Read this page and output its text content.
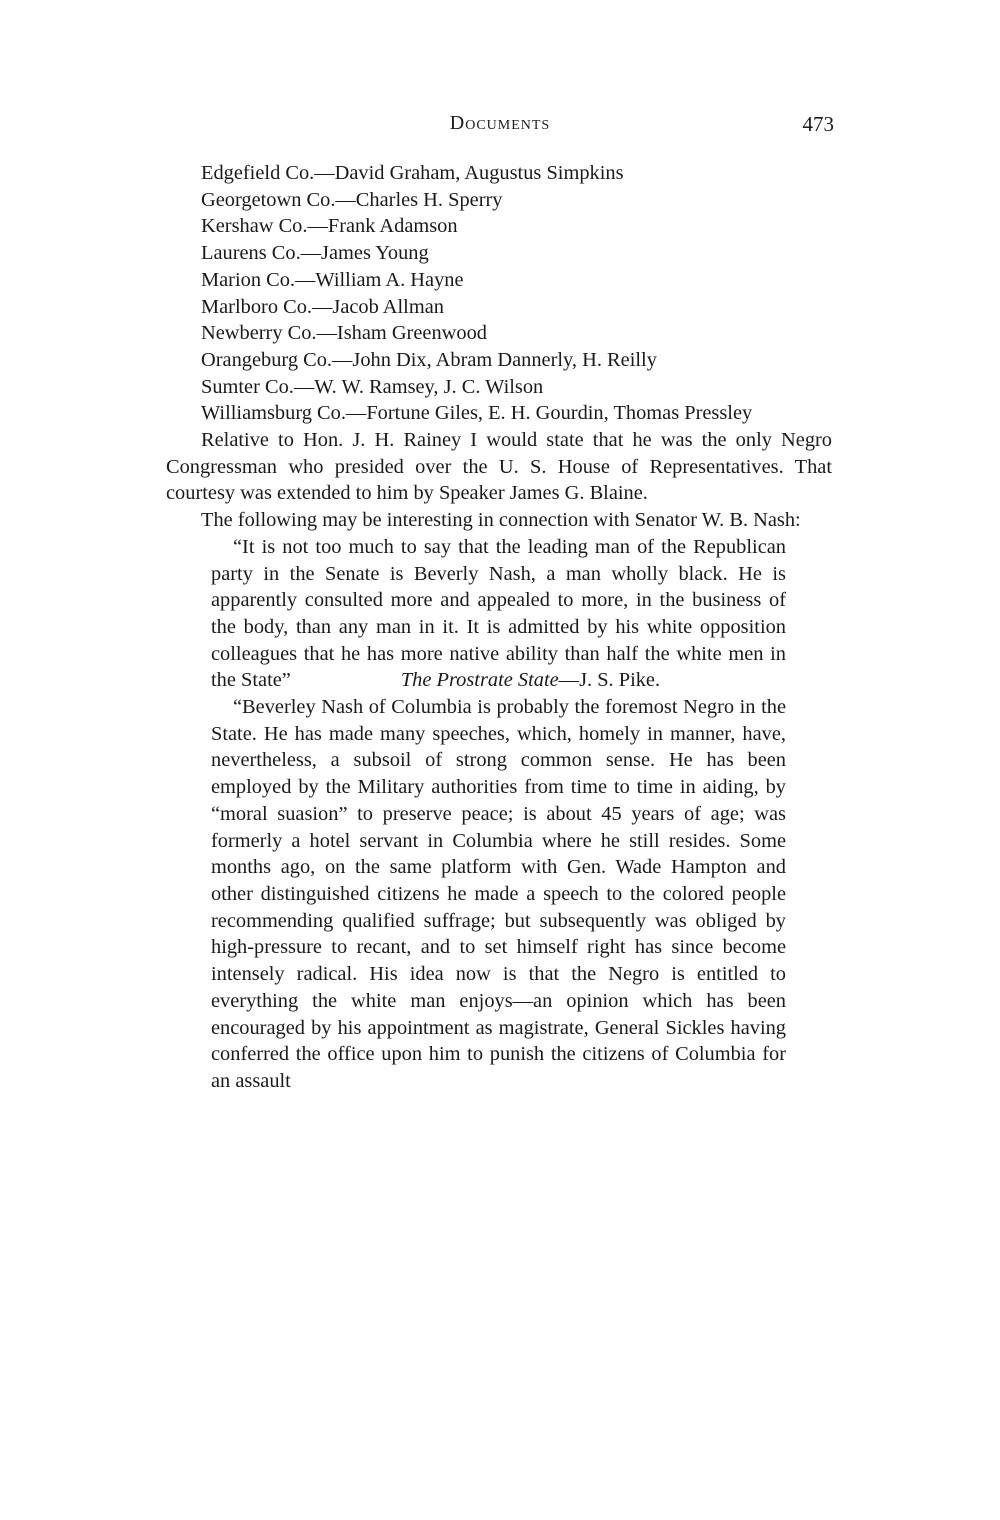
Documents	473
Edgefield Co.—David Graham, Augustus Simpkins
Georgetown Co.—Charles H. Sperry
Kershaw Co.—Frank Adamson
Laurens Co.—James Young
Marion Co.—William A. Hayne
Marlboro Co.—Jacob Allman
Newberry Co.—Isham Greenwood
Orangeburg Co.—John Dix, Abram Dannerly, H. Reilly
Sumter Co.—W. W. Ramsey, J. C. Wilson

Williamsburg Co.—Fortune Giles, E. H. Gourdin, Thomas Pressley

Relative to Hon. J. H. Rainey I would state that he was the only Negro Congressman who presided over the U. S. House of Representatives. That courtesy was extended to him by Speaker James G. Blaine.

The following may be interesting in connection with Senator W. B. Nash:

“It is not too much to say that the leading man of the Republican party in the Senate is Beverly Nash, a man wholly black. He is apparently consulted more and appealed to more, in the business of the body, than any man in it. It is admitted by his white opposition colleagues that he has more native ability than half the white men in the State”	The Prostrate State—J. S. Pike.

“Beverley Nash of Columbia is probably the foremost Negro in the State. He has made many speeches, which, homely in manner, have, nevertheless, a subsoil of strong common sense. He has been employed by the Military authorities from time to time in aiding, by “moral suasion” to preserve peace; is about 45 years of age; was formerly a hotel servant in Columbia where he still resides. Some months ago, on the same platform with Gen. Wade Hampton and other distinguished citizens he made a speech to the colored people recommending qualified suffrage; but subsequently was obliged by high-pressure to recant, and to set himself right has since become intensely radical. His idea now is that the Negro is entitled to everything the white man enjoys—an opinion which has been encouraged by his appointment as magistrate, General Sickles having conferred the office upon him to punish the citizens of Columbia for an assault
